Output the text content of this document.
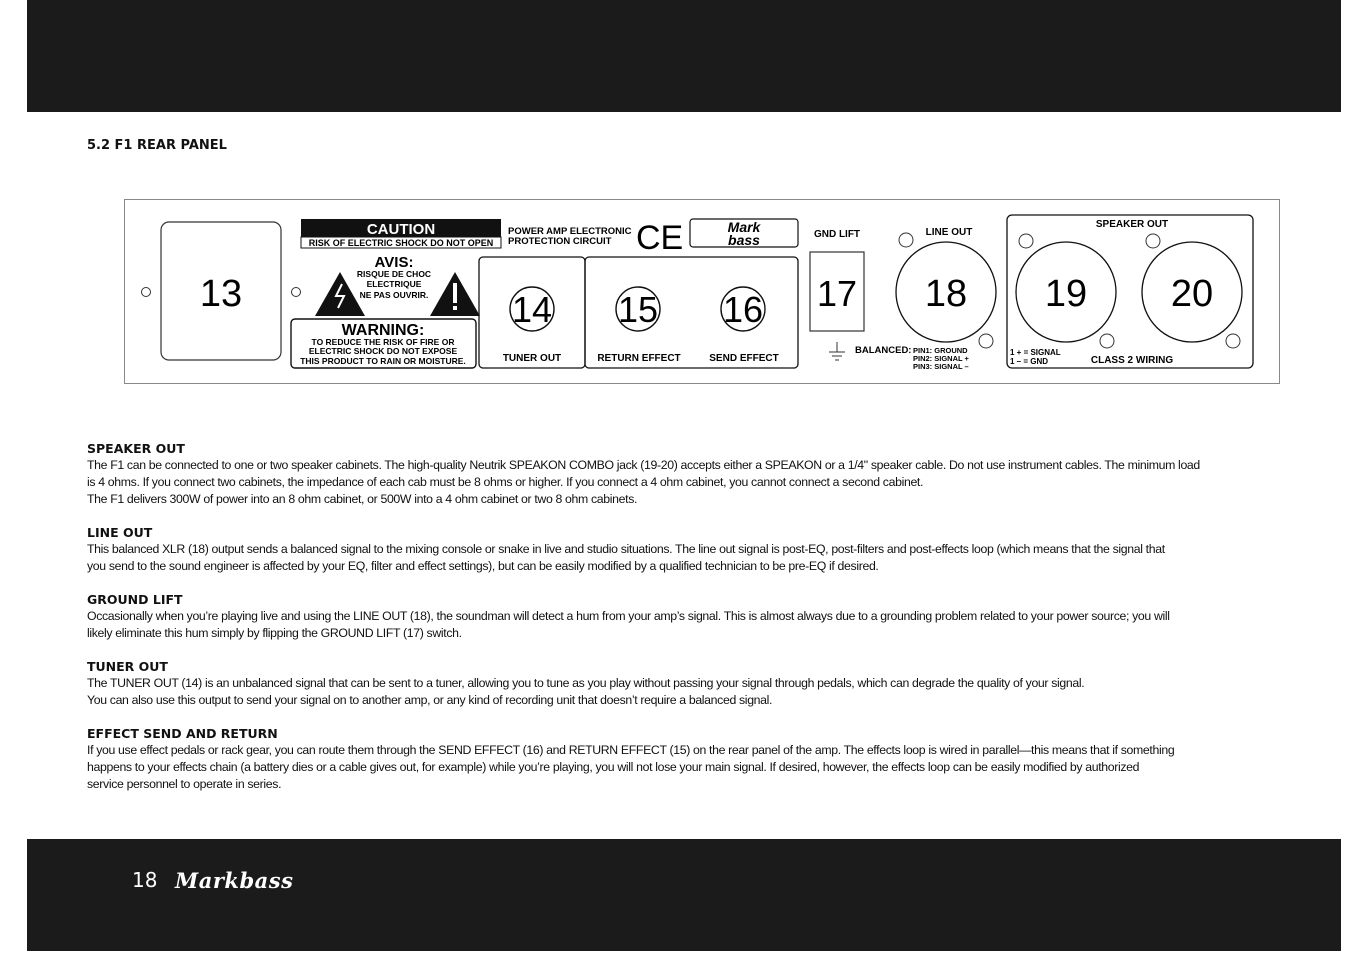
5.2 F1 REAR PANEL
13
CAUTION
RISK OF ELECTRIC SHOCK DO NOT OPEN
AVIS:
RISQUE DE CHOC
ELECTRIQUE
NE PAS OUVRIR.
WARNING:
TO REDUCE THE RISK OF FIRE OR
ELECTRIC SHOCK DO NOT EXPOSE
THIS PRODUCT TO RAIN OR MOISTURE.
POWER AMP ELECTRONIC
PROTECTION CIRCUIT CE	Mark
bass
14
TUNER OUT
15 16
RETURN EFFECT	SEND EFFECT
GND LIFT
17
LINE OUT
18
BALANCED: PIN1: GROUND
PIN2: SIGNAL +
PIN3: SIGNAL –
SPEAKER OUT
19 20
1 + = SIGNAL
1 – = GND	CLASS 2 WIRING
SPEAKER OUT

The F1 can be connected to one or two speaker cabinets. The high-quality Neutrik SPEAKON COMBO jack (19-20) accepts either a SPEAKON or a 1/4" speaker cable. Do not use instrument cables. The minimum load

is 4 ohms. If you connect two cabinets, the impedance of each cab must be 8 ohms or higher. If you connect a 4 ohm cabinet, you cannot connect a second cabinet.

The F1 delivers 300W of power into an 8 ohm cabinet, or 500W into a 4 ohm cabinet or two 8 ohm cabinets.

LINE OUT

This balanced XLR (18) output sends a balanced signal to the mixing console or snake in live and studio situations. The line out signal is post-EQ, post-filters and post-effects loop (which means that the signal that

you send to the sound engineer is affected by your EQ, filter and effect settings), but can be easily modified by a qualified technician to be pre-EQ if desired.

GROUND LIFT

Occasionally when you’re playing live and using the LINE OUT (18), the soundman will detect a hum from your amp’s signal. This is almost always due to a grounding problem related to your power source; you will

likely eliminate this hum simply by flipping the GROUND LIFT (17) switch.

TUNER OUT

The TUNER OUT (14) is an unbalanced signal that can be sent to a tuner, allowing you to tune as you play without passing your signal through pedals, which can degrade the quality of your signal.

You can also use this output to send your signal on to another amp, or any kind of recording unit that doesn’t require a balanced signal.

EFFECT SEND AND RETURN

If you use effect pedals or rack gear, you can route them through the SEND EFFECT (16) and RETURN EFFECT (15) on the rear panel of the amp. The effects loop is wired in parallel—this means that if something

happens to your effects chain (a battery dies or a cable gives out, for example) while you’re playing, you will not lose your main signal. If desired, however, the effects loop can be easily modified by authorized

service personnel to operate in series.

18 Markbass
